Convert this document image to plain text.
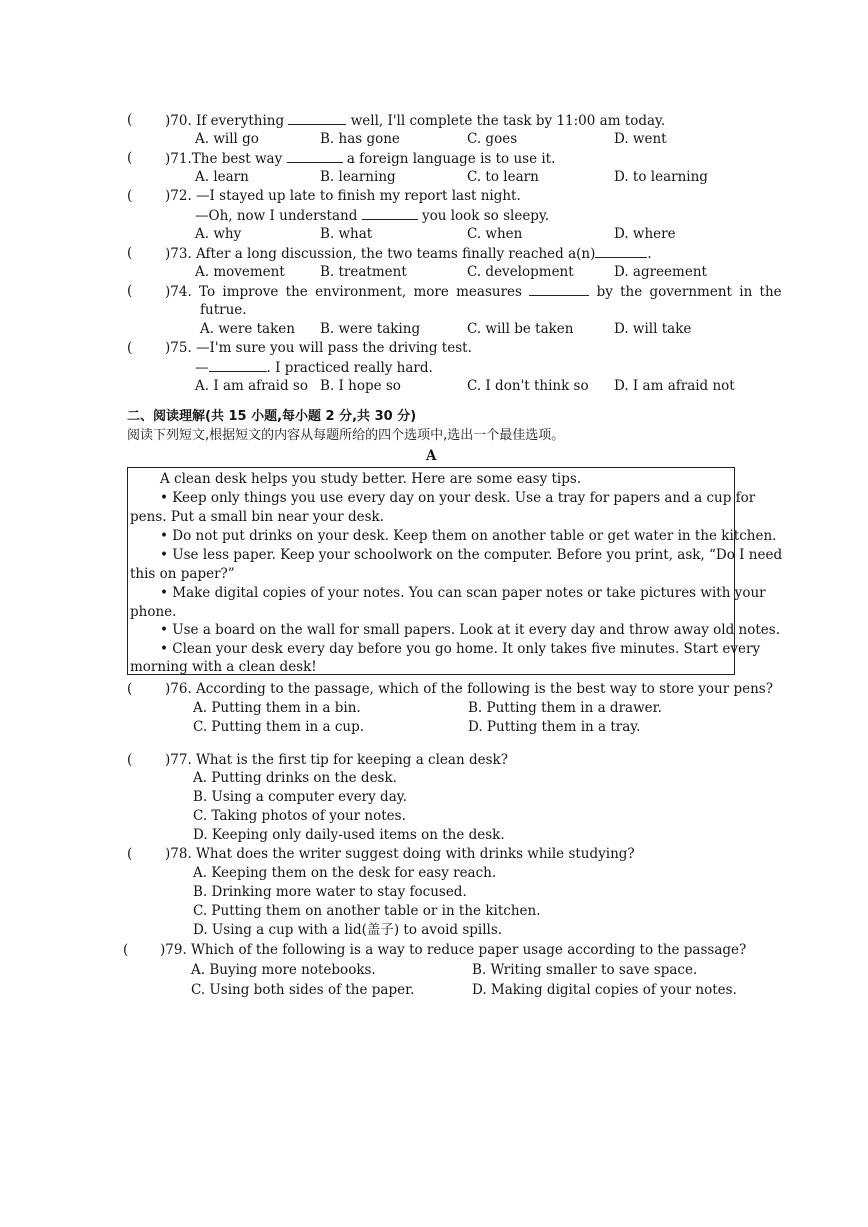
( )70. If everything	well, I'll complete the task by 11:00 am today.
A. will go	B. has gone	C. goes	D. went
( )71.The best way	a foreign language is to use it.
A. learn	B. learning	C. to learn	D. to learning
( )72. —I stayed up late to finish my report last night.
—Oh, now I understand	you look so sleepy.
A. why	B. what	C. when	D. where
( )73. After a long discussion, the two teams finally reached a(n)	.
A. movement	B. treatment	C. development	D. agreement
( )74. To improve the environment, more measures	by the government in the
futrue.
A. were taken B. were taking	C. will be taken	D. will take
( )75. —I'm sure you will pass the driving test.
—	. I practiced really hard.
A. I am afraid so B. I hope so	C. I don't think so D. I am afraid not
二、阅读理解(共 15 小题,每小题 2 分,共 30 分)
阅读下列短文,根据短文的内容从每题所给的四个选项中,选出一个最佳选项。
A
A clean desk helps you study better. Here are some easy tips.
• Keep only things you use every day on your desk. Use a tray for papers and a cup for
pens. Put a small bin near your desk.
• Do not put drinks on your desk. Keep them on another table or get water in the kitchen.
• Use less paper. Keep your schoolwork on the computer. Before you print, ask, “Do I need
this on paper?”
• Make digital copies of your notes. You can scan paper notes or take pictures with your
phone.
• Use a board on the wall for small papers. Look at it every day and throw away old notes.
• Clean your desk every day before you go home. It only takes five minutes. Start every
morning with a clean desk!
( )76. According to the passage, which of the following is the best way to store your pens?
A. Putting them in a bin.	B. Putting them in a drawer.
C. Putting them in a cup.	D. Putting them in a tray.
( )77. What is the first tip for keeping a clean desk?
A. Putting drinks on the desk.
B. Using a computer every day.
C. Taking photos of your notes.
D. Keeping only daily-used items on the desk.
( )78. What does the writer suggest doing with drinks while studying?
A. Keeping them on the desk for easy reach.
B. Drinking more water to stay focused.
C. Putting them on another table or in the kitchen.
D. Using a cup with a lid(盖子) to avoid spills.
( )79. Which of the following is a way to reduce paper usage according to the passage?
A. Buying more notebooks.	B. Writing smaller to save space.
C. Using both sides of the paper.	D. Making digital copies of your notes.
